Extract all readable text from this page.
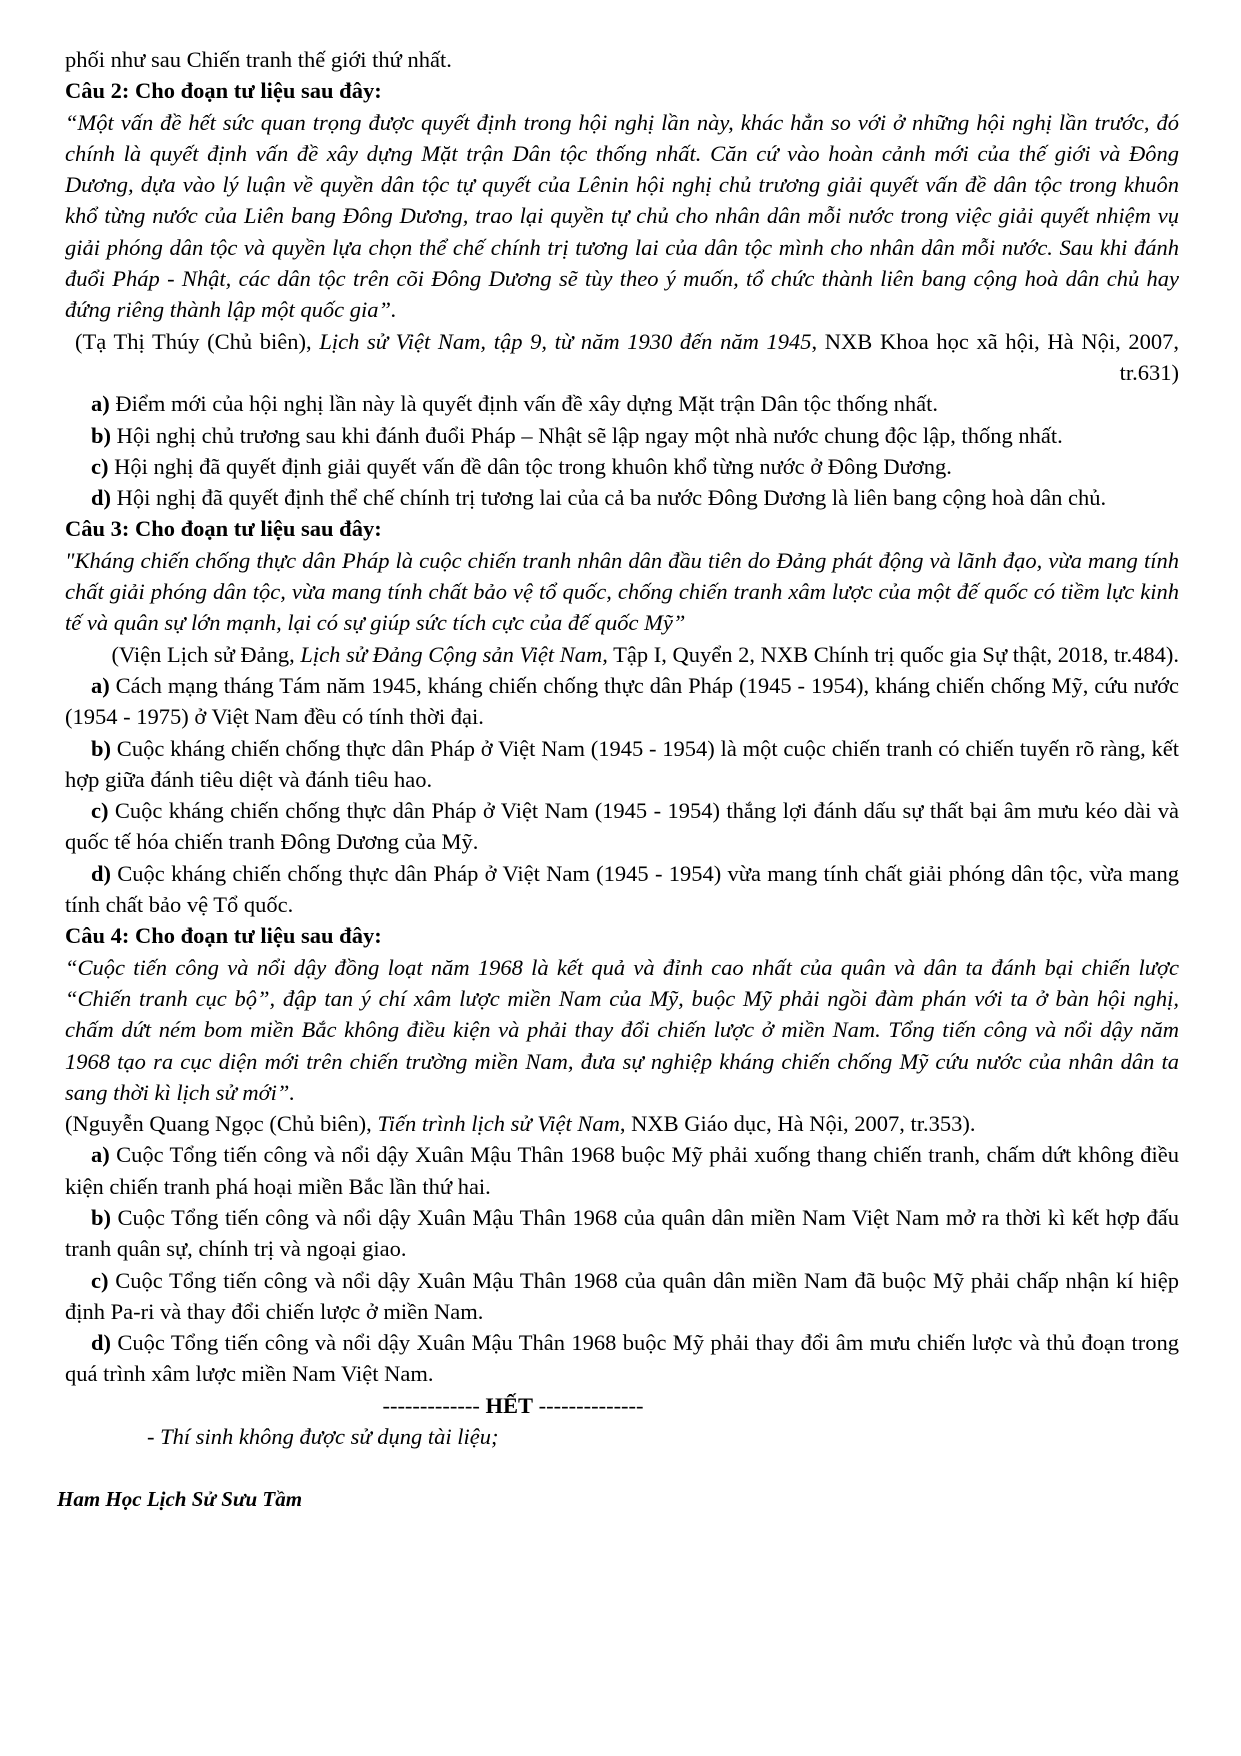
phối như sau Chiến tranh thế giới thứ nhất.

Câu 2: Cho đoạn tư liệu sau đây:

“Một vấn đề hết sức quan trọng được quyết định trong hội nghị lần này, khác hẳn so với ở những hội nghị lần trước, đó chính là quyết định vấn đề xây dựng Mặt trận Dân tộc thống nhất. Căn cứ vào hoàn cảnh mới của thế giới và Đông Dương, dựa vào lý luận về quyền dân tộc tự quyết của Lênin hội nghị chủ trương giải quyết vấn đề dân tộc trong khuôn khổ từng nước của Liên bang Đông Dương, trao lại quyền tự chủ cho nhân dân mỗi nước trong việc giải quyết nhiệm vụ giải phóng dân tộc và quyền lựa chọn thể chế chính trị tương lai của dân tộc mình cho nhân dân mỗi nước. Sau khi đánh đuổi Pháp - Nhật, các dân tộc trên cõi Đông Dương sẽ tùy theo ý muốn, tổ chức thành liên bang cộng hoà dân chủ hay đứng riêng thành lập một quốc gia”.

(Tạ Thị Thúy (Chủ biên), Lịch sử Việt Nam, tập 9, từ năm 1930 đến năm 1945, NXB Khoa học xã hội, Hà Nội, 2007, tr.631)

a) Điểm mới của hội nghị lần này là quyết định vấn đề xây dựng Mặt trận Dân tộc thống nhất.

b) Hội nghị chủ trương sau khi đánh đuổi Pháp – Nhật sẽ lập ngay một nhà nước chung độc lập, thống nhất.

c) Hội nghị đã quyết định giải quyết vấn đề dân tộc trong khuôn khổ từng nước ở Đông Dương.

d) Hội nghị đã quyết định thể chế chính trị tương lai của cả ba nước Đông Dương là liên bang cộng hoà dân chủ.

Câu 3: Cho đoạn tư liệu sau đây:

"Kháng chiến chống thực dân Pháp là cuộc chiến tranh nhân dân đầu tiên do Đảng phát động và lãnh đạo, vừa mang tính chất giải phóng dân tộc, vừa mang tính chất bảo vệ tổ quốc, chống chiến tranh xâm lược của một đế quốc có tiềm lực kinh tế và quân sự lớn mạnh, lại có sự giúp sức tích cực của đế quốc Mỹ”

(Viện Lịch sử Đảng, Lịch sử Đảng Cộng sản Việt Nam, Tập I, Quyển 2, NXB Chính trị quốc gia Sự thật, 2018, tr.484).

a) Cách mạng tháng Tám năm 1945, kháng chiến chống thực dân Pháp (1945 - 1954), kháng chiến chống Mỹ, cứu nước (1954 - 1975) ở Việt Nam đều có tính thời đại.

b) Cuộc kháng chiến chống thực dân Pháp ở Việt Nam (1945 - 1954) là một cuộc chiến tranh có chiến tuyến rõ ràng, kết hợp giữa đánh tiêu diệt và đánh tiêu hao.

c) Cuộc kháng chiến chống thực dân Pháp ở Việt Nam (1945 - 1954) thắng lợi đánh dấu sự thất bại âm mưu kéo dài và quốc tế hóa chiến tranh Đông Dương của Mỹ.

d) Cuộc kháng chiến chống thực dân Pháp ở Việt Nam (1945 - 1954) vừa mang tính chất giải phóng dân tộc, vừa mang tính chất bảo vệ Tổ quốc.

Câu 4: Cho đoạn tư liệu sau đây:

“Cuộc tiến công và nổi dậy đồng loạt năm 1968 là kết quả và đỉnh cao nhất của quân và dân ta đánh bại chiến lược “Chiến tranh cục bộ”, đập tan ý chí xâm lược miền Nam của Mỹ, buộc Mỹ phải ngồi đàm phán với ta ở bàn hội nghị, chấm dứt ném bom miền Bắc không điều kiện và phải thay đổi chiến lược ở miền Nam. Tổng tiến công và nổi dậy năm 1968 tạo ra cục diện mới trên chiến trường miền Nam, đưa sự nghiệp kháng chiến chống Mỹ cứu nước của nhân dân ta sang thời kì lịch sử mới”.

(Nguyễn Quang Ngọc (Chủ biên), Tiến trình lịch sử Việt Nam, NXB Giáo dục, Hà Nội, 2007, tr.353).

a) Cuộc Tổng tiến công và nổi dậy Xuân Mậu Thân 1968 buộc Mỹ phải xuống thang chiến tranh, chấm dứt không điều kiện chiến tranh phá hoại miền Bắc lần thứ hai.

b) Cuộc Tổng tiến công và nổi dậy Xuân Mậu Thân 1968 của quân dân miền Nam Việt Nam mở ra thời kì kết hợp đấu tranh quân sự, chính trị và ngoại giao.

c) Cuộc Tổng tiến công và nổi dậy Xuân Mậu Thân 1968 của quân dân miền Nam đã buộc Mỹ phải chấp nhận kí hiệp định Pa-ri và thay đổi chiến lược ở miền Nam.

d) Cuộc Tổng tiến công và nổi dậy Xuân Mậu Thân 1968 buộc Mỹ phải thay đổi âm mưu chiến lược và thủ đoạn trong quá trình xâm lược miền Nam Việt Nam.

------------- HẾT --------------

- Thí sinh không được sử dụng tài liệu;

Ham Học Lịch Sử Sưu Tầm
